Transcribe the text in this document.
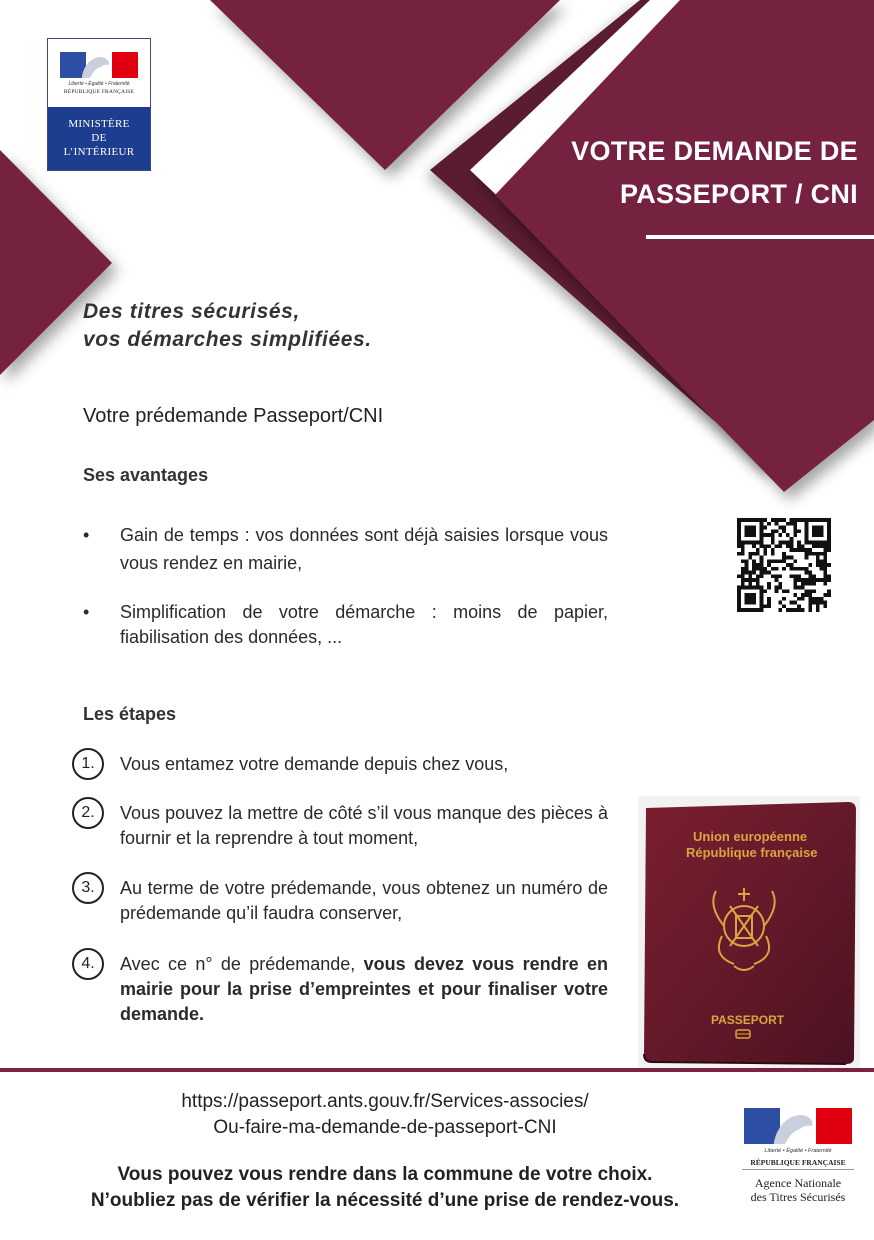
Liberté • Égalité • Fraternité
RÉPUBLIQUE FRANÇAISE
MINISTÈRE
DE
L’INTÉRIEUR	VOTRE DEMANDE DE
PASSEPORT / CNI
Des titres sécurisés,
vos démarches simplifiées.
Votre prédemande Passeport/CNI
Ses avantages
• Gain de temps : vos données sont déjà saisies lorsque vous vous rendez en mairie,
• Simplification de votre démarche : moins de papier, fiabilisation des données, ...
Les étapes
1.	Vous entamez votre demande depuis chez vous,
2.	Vous pouvez la mettre de côté s’il vous manque des pièces à fournir et la reprendre à tout moment,
3.	Au terme de votre prédemande, vous obtenez un numéro de prédemande qu’il faudra conserver,
4.	Avec ce n° de prédemande, vous devez vous rendre en mairie pour la prise d’empreintes et pour finaliser votre demande.
Union européenne
République française
PASSEPORT
https://passeport.ants.gouv.fr/Services-associes/
Ou-faire-ma-demande-de-passeport-CNI
Vous pouvez vous rendre dans la commune de votre choix.
N’oubliez pas de vérifier la nécessité d’une prise de rendez-vous.
Liberté • Égalité • Fraternité
RÉPUBLIQUE FRANÇAISE
Agence Nationale
des Titres Sécurisés
